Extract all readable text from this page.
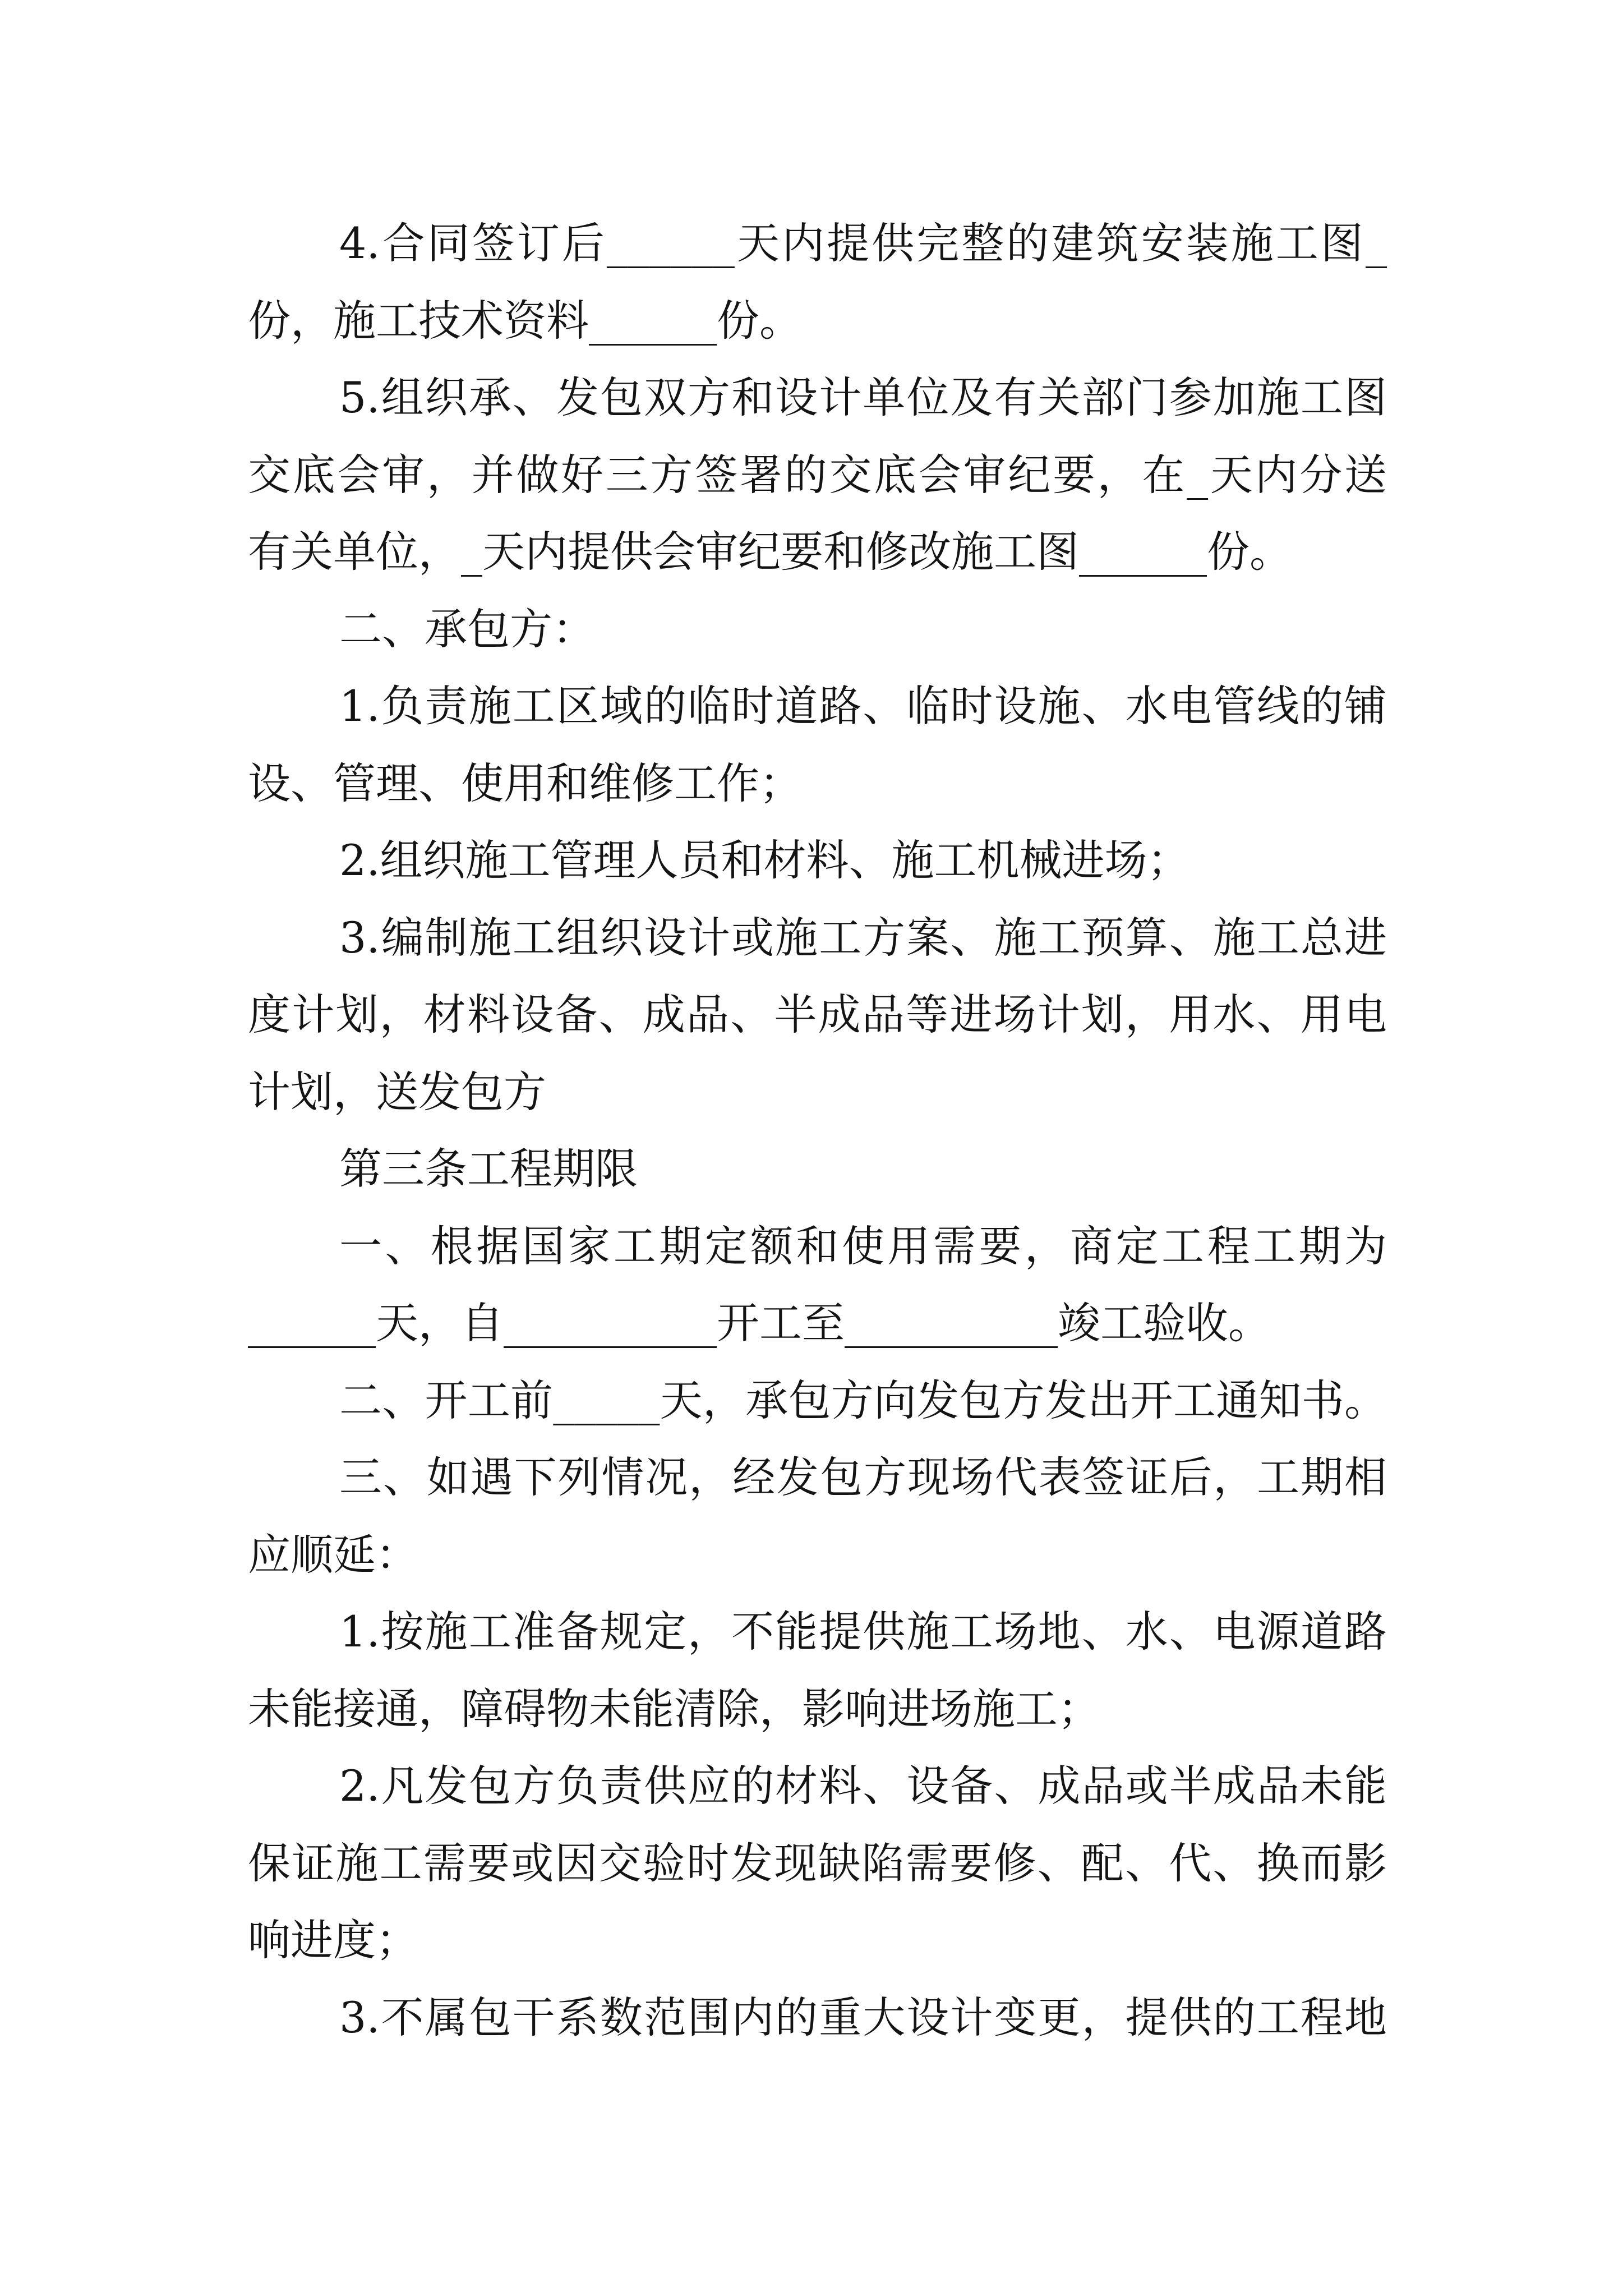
4.合同签订后______天内提供完整的建筑安装施工图_
份，施工技术资料______份。
5.组织承、发包双方和设计单位及有关部门参加施工图
交底会审，并做好三方签署的交底会审纪要，在_天内分送
有关单位，_天内提供会审纪要和修改施工图______份。
二、承包方：
1.负责施工区域的临时道路、临时设施、水电管线的铺
设、管理、使用和维修工作；
2.组织施工管理人员和材料、施工机械进场；
3.编制施工组织设计或施工方案、施工预算、施工总进
度计划，材料设备、成品、半成品等进场计划，用水、用电
计划，送发包方
第三条工程期限
一、根据国家工期定额和使用需要，商定工程工期为
______天，自__________开工至__________竣工验收。
二、开工前_____天，承包方向发包方发出开工通知书。
三、如遇下列情况，经发包方现场代表签证后，工期相
应顺延：
1.按施工准备规定，不能提供施工场地、水、电源道路
未能接通，障碍物未能清除，影响进场施工；
2.凡发包方负责供应的材料、设备、成品或半成品未能
保证施工需要或因交验时发现缺陷需要修、配、代、换而影
响进度；
3.不属包干系数范围内的重大设计变更，提供的工程地
